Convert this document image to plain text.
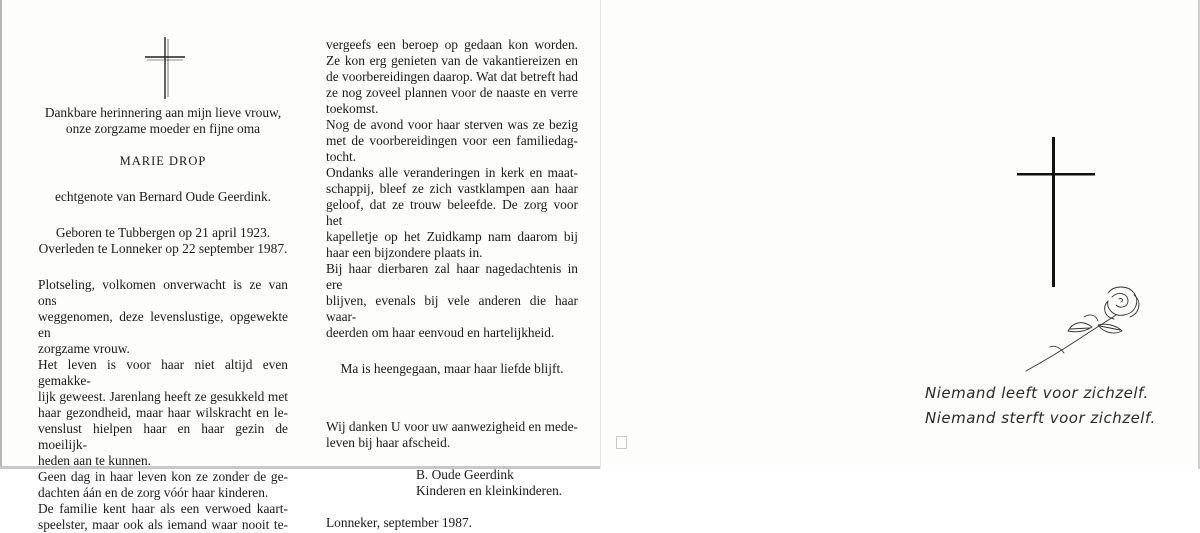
Dankbare herinnering aan mijn lieve vrouw,
onze zorgzame moeder en fijne oma
MARIE DROP
echtgenote van Bernard Oude Geerdink.
Geboren te Tubbergen op 21 april 1923.
Overleden te Lonneker op 22 september 1987.
Plotseling, volkomen onverwacht is ze van ons
weggenomen, deze levenslustige, opgewekte en
zorgzame vrouw.
Het leven is voor haar niet altijd even gemakke-
lijk geweest. Jarenlang heeft ze gesukkeld met
haar gezondheid, maar haar wilskracht en le-
venslust hielpen haar en haar gezin de moeilijk-
heden aan te kunnen.
Geen dag in haar leven kon ze zonder de ge-
dachten áán en de zorg vóór haar kinderen.
De familie kent haar als een verwoed kaart-
speelster, maar ook als iemand waar nooit te-
vergeefs een beroep op gedaan kon worden.
Ze kon erg genieten van de vakantiereizen en
de voorbereidingen daarop. Wat dat betreft had
ze nog zoveel plannen voor de naaste en verre
toekomst.
Nog de avond voor haar sterven was ze bezig
met de voorbereidingen voor een familiedag-
tocht.
Ondanks alle veranderingen in kerk en maat-
schappij, bleef ze zich vastklampen aan haar
geloof, dat ze trouw beleefde. De zorg voor het
kapelletje op het Zuidkamp nam daarom bij
haar een bijzondere plaats in.
Bij haar dierbaren zal haar nagedachtenis in ere
blijven, evenals bij vele anderen die haar waar-
deerden om haar eenvoud en hartelijkheid.
Ma is heengegaan, maar haar liefde blijft.
Wij danken U voor uw aanwezigheid en mede-
leven bij haar afscheid.
B. Oude Geerdink
Kinderen en kleinkinderen.
Lonneker, september 1987.
Niemand leeft voor zichzelf.
Niemand sterft voor zichzelf.
